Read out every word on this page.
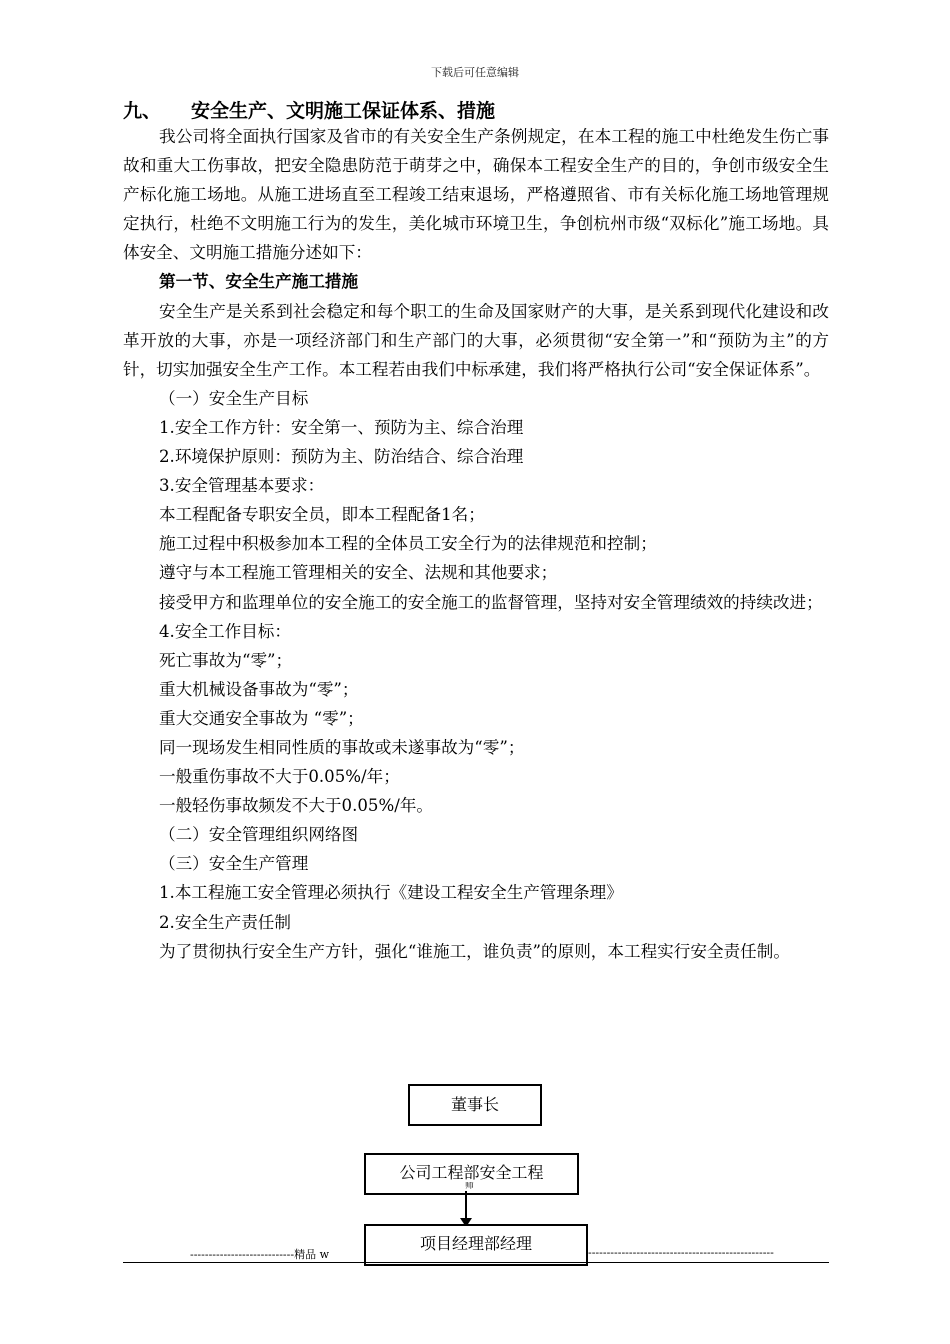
下载后可任意编辑
九、 安全生产、文明施工保证体系、措施

我公司将全面执行国家及省市的有关安全生产条例规定，在本工程的施工中杜绝发生伤亡事故和重大工伤事故，把安全隐患防范于萌芽之中，确保本工程安全生产的目的，争创市级安全生产标化施工场地。从施工进场直至工程竣工结束退场，严格遵照省、市有关标化施工场地管理规定执行，杜绝不文明施工行为的发生，美化城市环境卫生，争创杭州市级“双标化”施工场地。具体安全、文明施工措施分述如下：

第一节、安全生产施工措施

安全生产是关系到社会稳定和每个职工的生命及国家财产的大事，是关系到现代化建设和改革开放的大事，亦是一项经济部门和生产部门的大事，必须贯彻“安全第一”和“预防为主”的方针，切实加强安全生产工作。本工程若由我们中标承建，我们将严格执行公司“安全保证体系”。

（一）安全生产目标

1.安全工作方针：安全第一、预防为主、综合治理

2.环境保护原则：预防为主、防治结合、综合治理

3.安全管理基本要求：

本工程配备专职安全员，即本工程配备1名；

施工过程中积极参加本工程的全体员工安全行为的法律规范和控制；

遵守与本工程施工管理相关的安全、法规和其他要求；

接受甲方和监理单位的安全施工的安全施工的监督管理，坚持对安全管理绩效的持续改进；

4.安全工作目标：

死亡事故为“零”；

重大机械设备事故为“零”；

重大交通安全事故为 “零”；

同一现场发生相同性质的事故或未遂事故为“零”；

一般重伤事故不大于0.05%/年；

一般轻伤事故频发不大于0.05%/年。

（二）安全管理组织网络图

（三）安全生产管理

1.本工程施工安全管理必须执行《建设工程安全生产管理条理》

2.安全生产责任制

为了贯彻执行安全生产方针，强化“谁施工，谁负责”的原则，本工程实行安全责任制。

董事长
公司工程部安全工程
师
----------------------------精品 w	--------------------------------------------------
项目经理部经理
